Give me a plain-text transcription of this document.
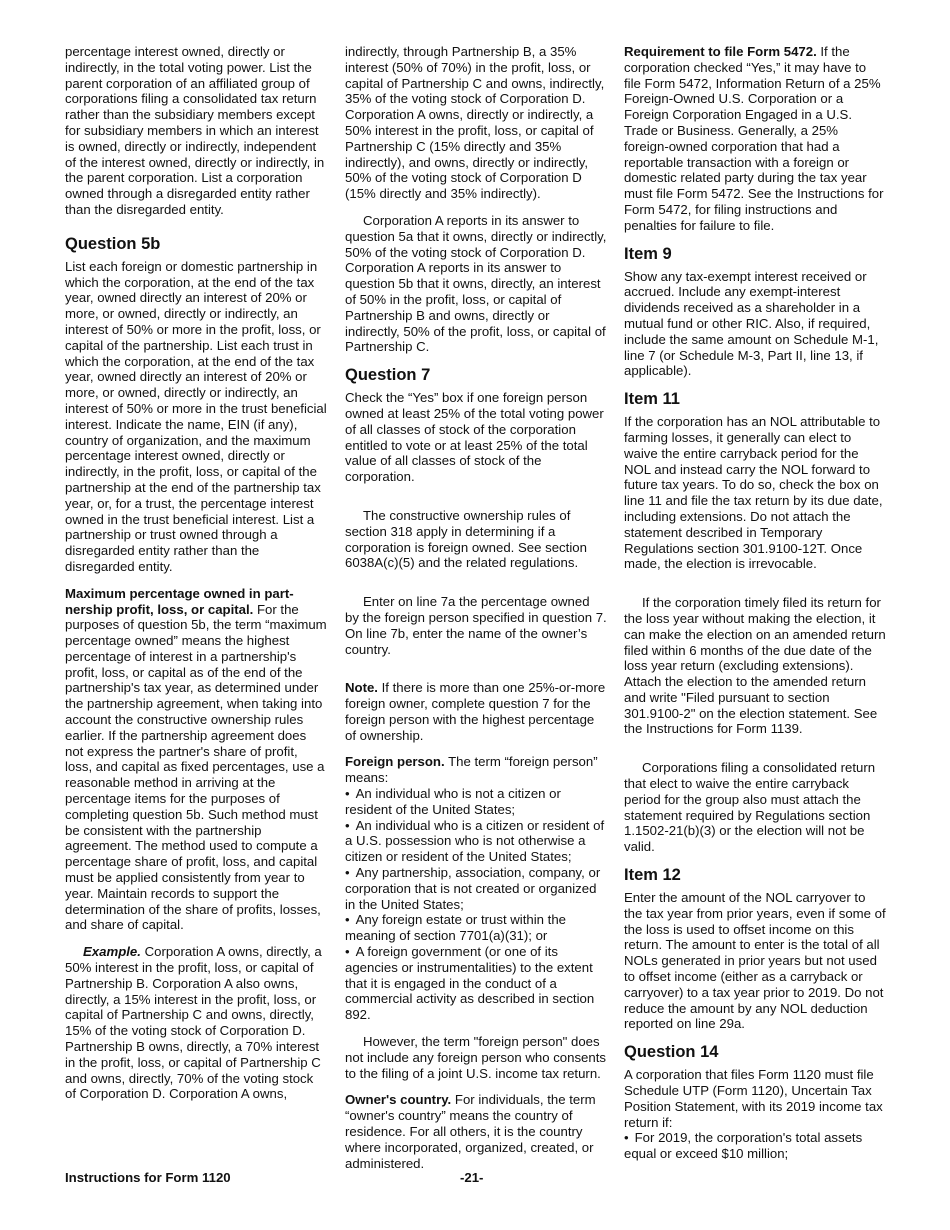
percentage interest owned, directly or indirectly, in the total voting power. List the parent corporation of an affiliated group of corporations filing a consolidated tax return rather than the subsidiary members except for subsidiary members in which an interest is owned, directly or indirectly, independent of the interest owned, directly or indirectly, in the parent corporation. List a corporation owned through a disregarded entity rather than the disregarded entity.

Question 5b

List each foreign or domestic partnership in which the corporation, at the end of the tax year, owned directly an interest of 20% or more, or owned, directly or indirectly, an interest of 50% or more in the profit, loss, or capital of the partnership. List each trust in which the corporation, at the end of the tax year, owned directly an interest of 20% or more, or owned, directly or indirectly, an interest of 50% or more in the trust beneficial interest. Indicate the name, EIN (if any), country of organization, and the maximum percentage interest owned, directly or indirectly, in the profit, loss, or capital of the partnership at the end of the partnership tax year, or, for a trust, the percentage interest owned in the trust beneficial interest. List a partnership or trust owned through a disregarded entity rather than the disregarded entity.

Maximum percentage owned in part-nership profit, loss, or capital. For the purposes of question 5b, the term “maximum percentage owned” means the highest percentage of interest in a partnership's profit, loss, or capital as of the end of the partnership's tax year, as determined under the partnership agreement, when taking into account the constructive ownership rules earlier. If the partnership agreement does not express the partner's share of profit, loss, and capital as fixed percentages, use a reasonable method in arriving at the percentage items for the purposes of completing question 5b. Such method must be consistent with the partnership agreement. The method used to compute a percentage share of profit, loss, and capital must be applied consistently from year to year. Maintain records to support the determination of the share of profits, losses, and share of capital.

Example. Corporation A owns, directly, a 50% interest in the profit, loss, or capital of Partnership B. Corporation A also owns, directly, a 15% interest in the profit, loss, or capital of Partnership C and owns, directly, 15% of the voting stock of Corporation D. Partnership B owns, directly, a 70% interest in the profit, loss, or capital of Partnership C and owns, directly, 70% of the voting stock of Corporation D. Corporation A owns,

indirectly, through Partnership B, a 35% interest (50% of 70%) in the profit, loss, or capital of Partnership C and owns, indirectly, 35% of the voting stock of Corporation D. Corporation A owns, directly or indirectly, a 50% interest in the profit, loss, or capital of Partnership C (15% directly and 35% indirectly), and owns, directly or indirectly, 50% of the voting stock of Corporation D (15% directly and 35% indirectly).

Corporation A reports in its answer to question 5a that it owns, directly or indirectly, 50% of the voting stock of Corporation D. Corporation A reports in its answer to question 5b that it owns, directly, an interest of 50% in the profit, loss, or capital of Partnership B and owns, directly or indirectly, 50% of the profit, loss, or capital of Partnership C.

Question 7

Check the “Yes” box if one foreign person owned at least 25% of the total voting power of all classes of stock of the corporation entitled to vote or at least 25% of the total value of all classes of stock of the corporation.

The constructive ownership rules of section 318 apply in determining if a corporation is foreign owned. See section 6038A(c)(5) and the related regulations.

Enter on line 7a the percentage owned by the foreign person specified in question 7. On line 7b, enter the name of the owner’s country.

Note. If there is more than one 25%-or-more foreign owner, complete question 7 for the foreign person with the highest percentage of ownership.

Foreign person. The term “foreign person” means:

• An individual who is not a citizen or resident of the United States;
• An individual who is a citizen or resident of a U.S. possession who is not otherwise a citizen or resident of the United States;
• Any partnership, association, company, or corporation that is not created or organized in the United States;
• Any foreign estate or trust within the meaning of section 7701(a)(31); or
• A foreign government (or one of its agencies or instrumentalities) to the extent that it is engaged in the conduct of a commercial activity as described in section 892.

However, the term "foreign person" does not include any foreign person who consents to the filing of a joint U.S. income tax return.

Owner's country. For individuals, the term “owner's country” means the country of residence. For all others, it is the country where incorporated, organized, created, or administered.

Requirement to file Form 5472. If the corporation checked “Yes,” it may have to file Form 5472, Information Return of a 25% Foreign-Owned U.S. Corporation or a Foreign Corporation Engaged in a U.S. Trade or Business. Generally, a 25% foreign-owned corporation that had a reportable transaction with a foreign or domestic related party during the tax year must file Form 5472. See the Instructions for Form 5472, for filing instructions and penalties for failure to file.

Item 9

Show any tax-exempt interest received or accrued. Include any exempt-interest dividends received as a shareholder in a mutual fund or other RIC. Also, if required, include the same amount on Schedule M-1, line 7 (or Schedule M-3, Part II, line 13, if applicable).

Item 11

If the corporation has an NOL attributable to farming losses, it generally can elect to waive the entire carryback period for the NOL and instead carry the NOL forward to future tax years. To do so, check the box on line 11 and file the tax return by its due date, including extensions. Do not attach the statement described in Temporary Regulations section 301.9100-12T. Once made, the election is irrevocable.

If the corporation timely filed its return for the loss year without making the election, it can make the election on an amended return filed within 6 months of the due date of the loss year return (excluding extensions). Attach the election to the amended return and write "Filed pursuant to section 301.9100-2" on the election statement. See the Instructions for Form 1139.

Corporations filing a consolidated return that elect to waive the entire carryback period for the group also must attach the statement required by Regulations section 1.1502-21(b)(3) or the election will not be valid.

Item 12

Enter the amount of the NOL carryover to the tax year from prior years, even if some of the loss is used to offset income on this return. The amount to enter is the total of all NOLs generated in prior years but not used to offset income (either as a carryback or carryover) to a tax year prior to 2019. Do not reduce the amount by any NOL deduction reported on line 29a.

Question 14

A corporation that files Form 1120 must file Schedule UTP (Form 1120), Uncertain Tax Position Statement, with its 2019 income tax return if:

• For 2019, the corporation's total assets equal or exceed $10 million;
Instructions for Form 1120	-21-
